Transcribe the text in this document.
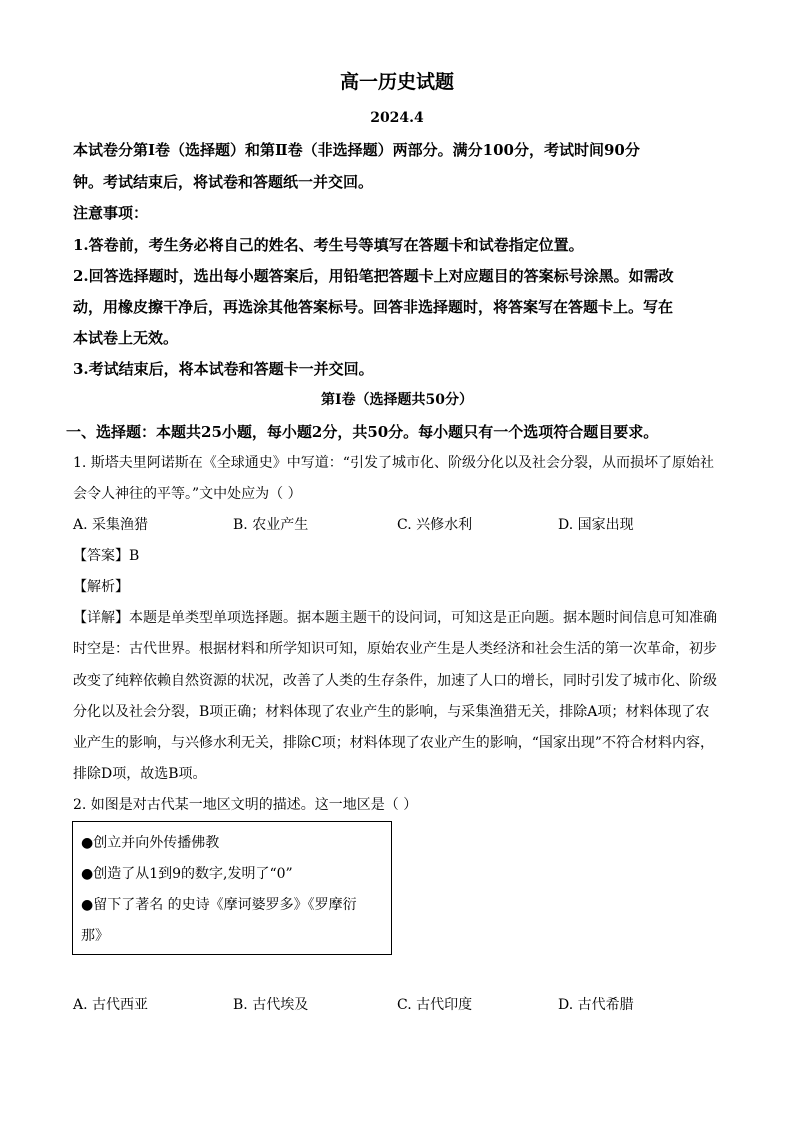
高一历史试题
2024.4
本试卷分第Ⅰ卷（选择题）和第Ⅱ卷（非选择题）两部分。满分100分，考试时间90分
钟。考试结束后，将试卷和答题纸一并交回。
注意事项：
1.答卷前，考生务必将自己的姓名、考生号等填写在答题卡和试卷指定位置。
2.回答选择题时，选出每小题答案后，用铅笔把答题卡上对应题目的答案标号涂黑。如需改
动，用橡皮擦干净后，再选涂其他答案标号。回答非选择题时，将答案写在答题卡上。写在
本试卷上无效。
3.考试结束后，将本试卷和答题卡一并交回。
第Ⅰ卷（选择题共50分）
一、选择题：本题共25小题，每小题2分，共50分。每小题只有一个选项符合题目要求。
1. 斯塔夫里阿诺斯在《全球通史》中写道：“引发了城市化、阶级分化以及社会分裂，从而损坏了原始社
会令人神往的平等。”文中处应为（ ）
A. 采集渔猎	B. 农业产生	C. 兴修水利	D. 国家出现
【答案】B
【解析】
【详解】本题是单类型单项选择题。据本题主题干的设问词，可知这是正向题。据本题时间信息可知准确
时空是：古代世界。根据材料和所学知识可知，原始农业产生是人类经济和社会生活的第一次革命，初步
改变了纯粹依赖自然资源的状况，改善了人类的生存条件，加速了人口的增长，同时引发了城市化、阶级
分化以及社会分裂，B项正确；材料体现了农业产生的影响，与采集渔猎无关，排除A项；材料体现了农
业产生的影响，与兴修水利无关，排除C项；材料体现了农业产生的影响，“国家出现”不符合材料内容，
排除D项，故选B项。
2. 如图是对古代某一地区文明的描述。这一地区是（ ）
●创立并向外传播佛教
●创造了从1到9的数字,发明了“0”
●留下了著名 的史诗《摩诃婆罗多》《罗摩衍
那》
A. 古代西亚	B. 古代埃及	C. 古代印度	D. 古代希腊
